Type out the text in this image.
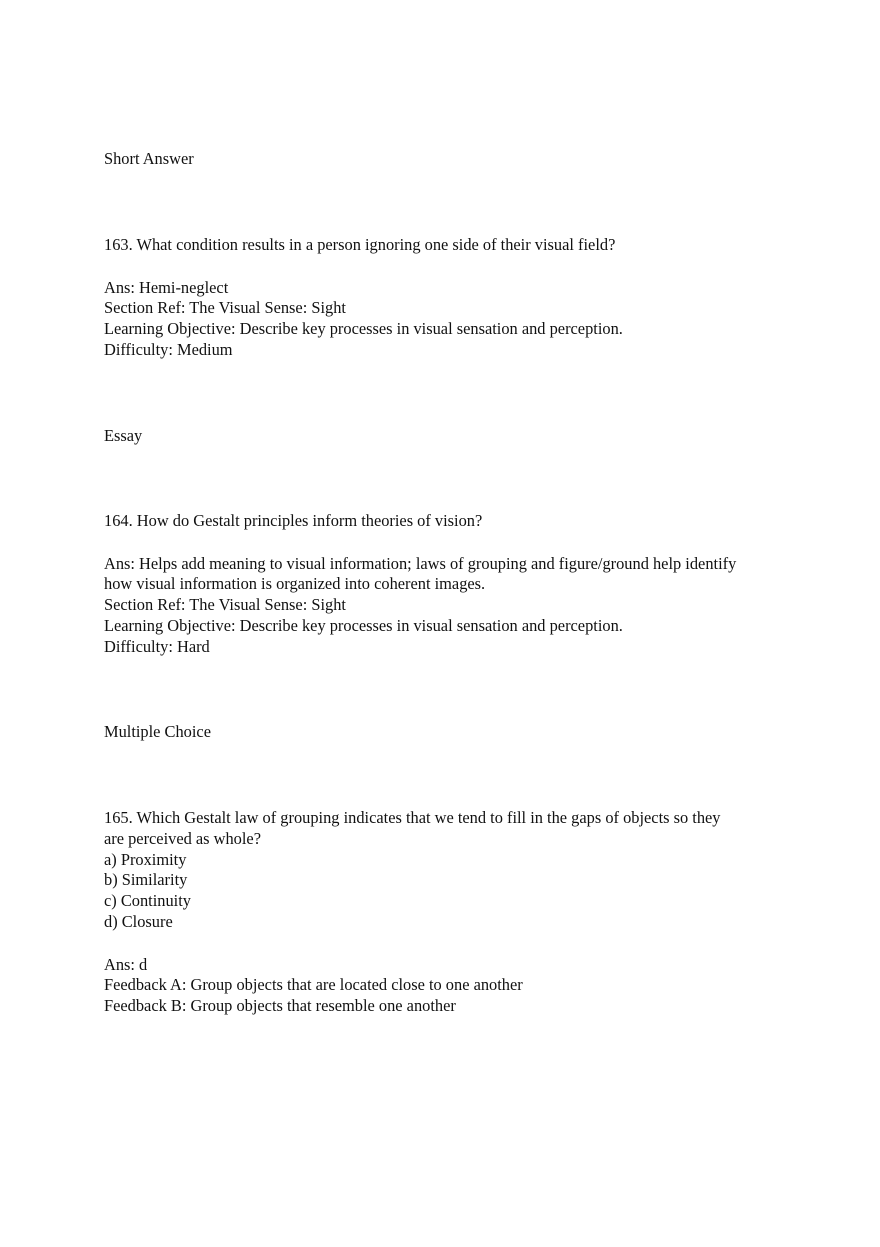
Short Answer
163. What condition results in a person ignoring one side of their visual field?
Ans: Hemi-neglect
Section Ref: The Visual Sense: Sight
Learning Objective: Describe key processes in visual sensation and perception.
Difficulty: Medium
Essay
164. How do Gestalt principles inform theories of vision?
Ans: Helps add meaning to visual information; laws of grouping and figure/ground help identify
how visual information is organized into coherent images.
Section Ref: The Visual Sense: Sight
Learning Objective: Describe key processes in visual sensation and perception.
Difficulty: Hard
Multiple Choice
165. Which Gestalt law of grouping indicates that we tend to fill in the gaps of objects so they
are perceived as whole?
a) Proximity
b) Similarity
c) Continuity
d) Closure
Ans: d
Feedback A: Group objects that are located close to one another
Feedback B: Group objects that resemble one another
